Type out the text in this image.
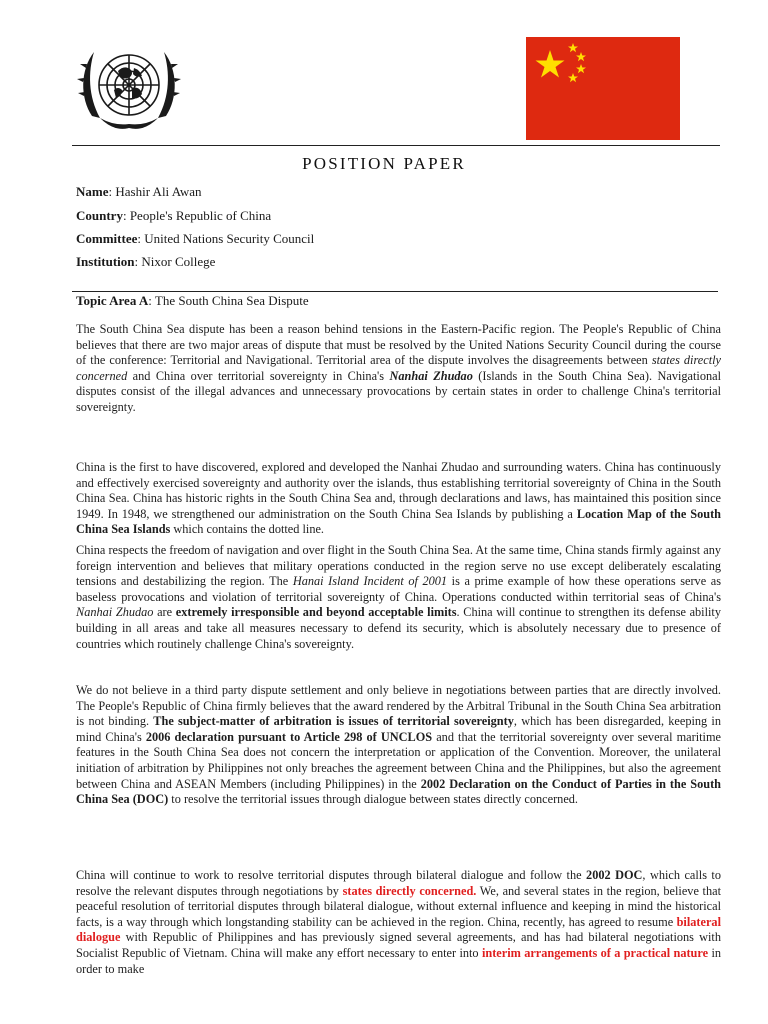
POSITION PAPER
Name: Hashir Ali Awan
Country: People's Republic of China
Committee: United Nations Security Council
Institution: Nixor College
Topic Area A: The South China Sea Dispute

The South China Sea dispute has been a reason behind tensions in the Eastern-Pacific region. The People's Republic of China believes that there are two major areas of dispute that must be resolved by the United Nations Security Council during the course of the conference: Territorial and Navigational. Territorial area of the dispute involves the disagreements between states directly concerned and China over territorial sovereignty in China's Nanhai Zhudao (Islands in the South China Sea). Navigational disputes consist of the illegal advances and unnecessary provocations by certain states in order to challenge China's territorial sovereignty.

China is the first to have discovered, explored and developed the Nanhai Zhudao and surrounding waters. China has continuously and effectively exercised sovereignty and authority over the islands, thus establishing territorial sovereignty of China in the South China Sea. China has historic rights in the South China Sea and, through declarations and laws, has maintained this position since 1949. In 1948, we strengthened our administration on the South China Sea Islands by publishing a Location Map of the South China Sea Islands which contains the dotted line.

China respects the freedom of navigation and over flight in the South China Sea. At the same time, China stands firmly against any foreign intervention and believes that military operations conducted in the region serve no use except deliberately escalating tensions and destabilizing the region. The Hanai Island Incident of 2001 is a prime example of how these operations serve as baseless provocations and violation of territorial sovereignty of China. Operations conducted within territorial seas of China's Nanhai Zhudao are extremely irresponsible and beyond acceptable limits. China will continue to strengthen its defense ability building in all areas and take all measures necessary to defend its security, which is absolutely necessary due to presence of countries which routinely challenge China's sovereignty.

We do not believe in a third party dispute settlement and only believe in negotiations between parties that are directly involved. The People's Republic of China firmly believes that the award rendered by the Arbitral Tribunal in the South China Sea arbitration is not binding. The subject-matter of arbitration is issues of territorial sovereignty, which has been disregarded, keeping in mind China's 2006 declaration pursuant to Article 298 of UNCLOS and that the territorial sovereignty over several maritime features in the South China Sea does not concern the interpretation or application of the Convention. Moreover, the unilateral initiation of arbitration by Philippines not only breaches the agreement between China and the Philippines, but also the agreement between China and ASEAN Members (including Philippines) in the 2002 Declaration on the Conduct of Parties in the South China Sea (DOC) to resolve the territorial issues through dialogue between states directly concerned.

China will continue to work to resolve territorial disputes through bilateral dialogue and follow the 2002 DOC, which calls to resolve the relevant disputes through negotiations by states directly concerned. We, and several states in the region, believe that peaceful resolution of territorial disputes through bilateral dialogue, without external influence and keeping in mind the historical facts, is a way through which longstanding stability can be achieved in the region. China, recently, has agreed to resume bilateral dialogue with Republic of Philippines and has previously signed several agreements, and has had bilateral negotiations with Socialist Republic of Vietnam. China will make any effort necessary to enter into interim arrangements of a practical nature in order to make
